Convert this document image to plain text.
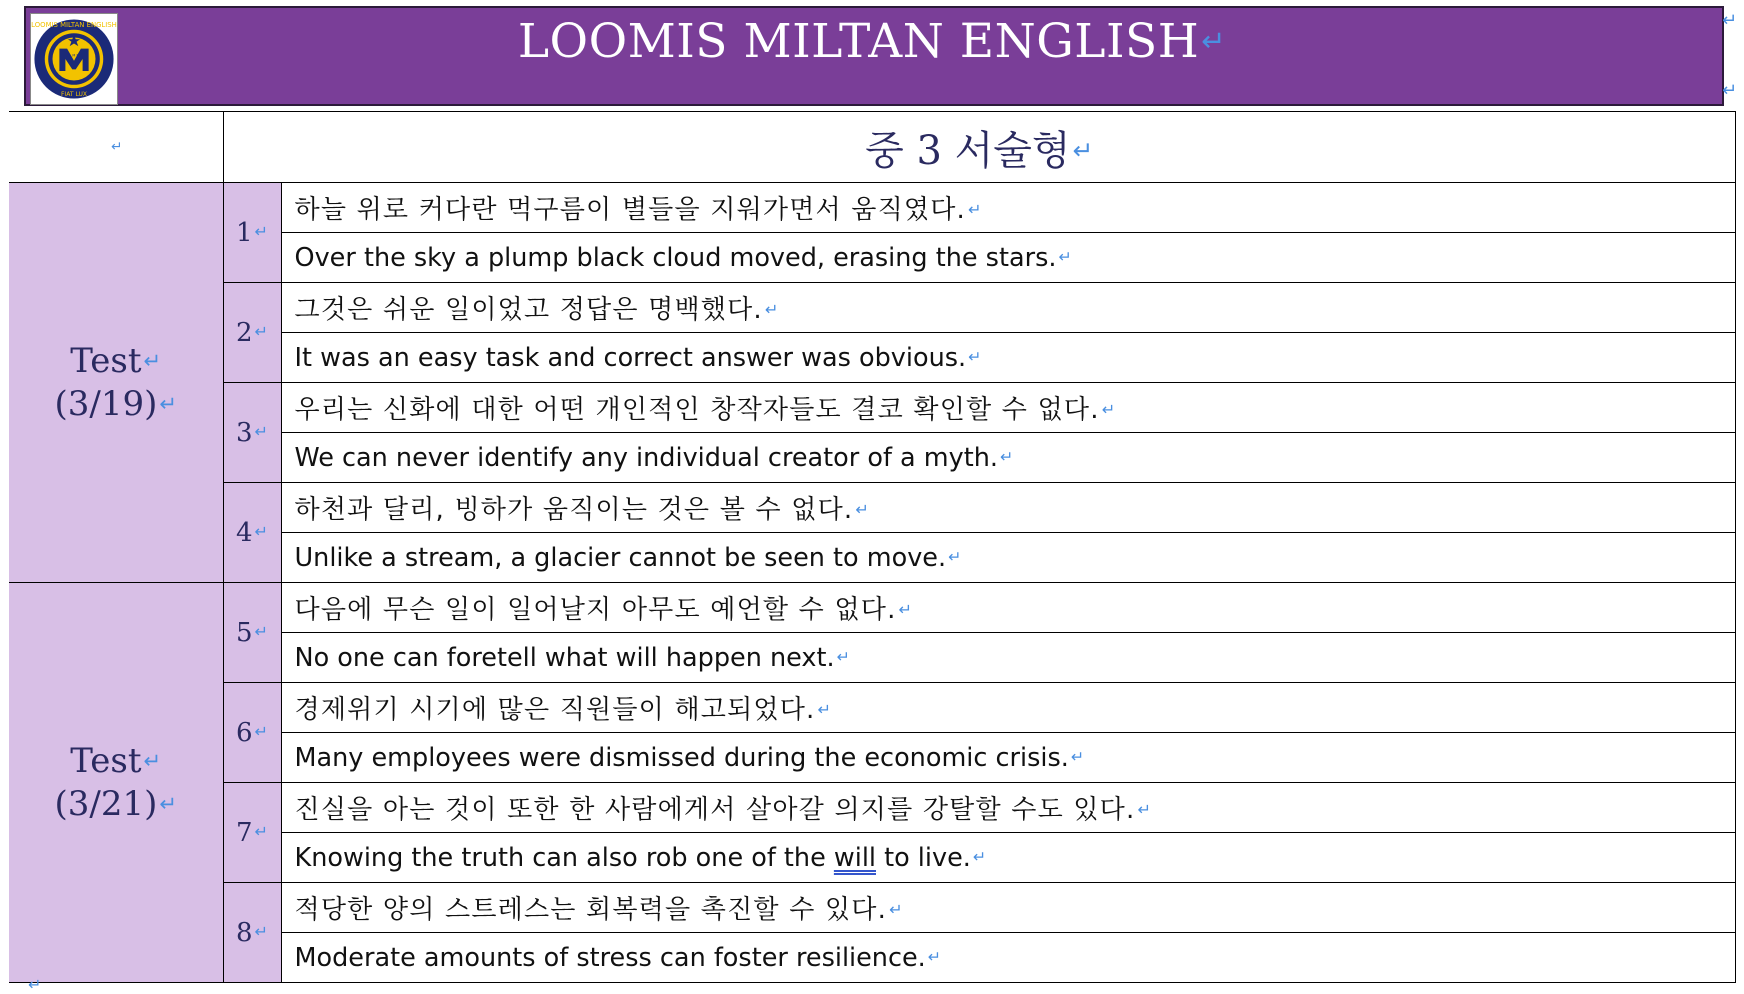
LOOMIS MILTAN ENGLISH
FIAT LUX
L M E	LOOMIS MILTAN ENGLISH↵
↵
↵
↵	중 3 서술형↵	
Test↵
(3/19)↵	1 ↵	하늘 위로 커다란 먹구름이 별들을 지워가면서 움직였다. ↵
		Over the sky a plump black cloud moved, erasing the stars. ↵
	2 ↵	그것은 쉬운 일이었고 정답은 명백했다. ↵
		It was an easy task and correct answer was obvious. ↵
	3 ↵	우리는 신화에 대한 어떤 개인적인 창작자들도 결코 확인할 수 없다. ↵
		We can never identify any individual creator of a myth. ↵
	4 ↵	하천과 달리, 빙하가 움직이는 것은 볼 수 없다. ↵
		Unlike a stream, a glacier cannot be seen to move. ↵
Test↵
(3/21)↵	5 ↵	다음에 무슨 일이 일어날지 아무도 예언할 수 없다. ↵
		No one can foretell what will happen next. ↵
	6 ↵	경제위기 시기에 많은 직원들이 해고되었다. ↵
		Many employees were dismissed during the economic crisis. ↵
	7 ↵	진실을 아는 것이 또한 한 사람에게서 살아갈 의지를 강탈할 수도 있다. ↵
		Knowing the truth can also rob one of the will to live. ↵
	8 ↵	적당한 양의 스트레스는 회복력을 촉진할 수 있다. ↵
		Moderate amounts of stress can foster resilience. ↵
↵
